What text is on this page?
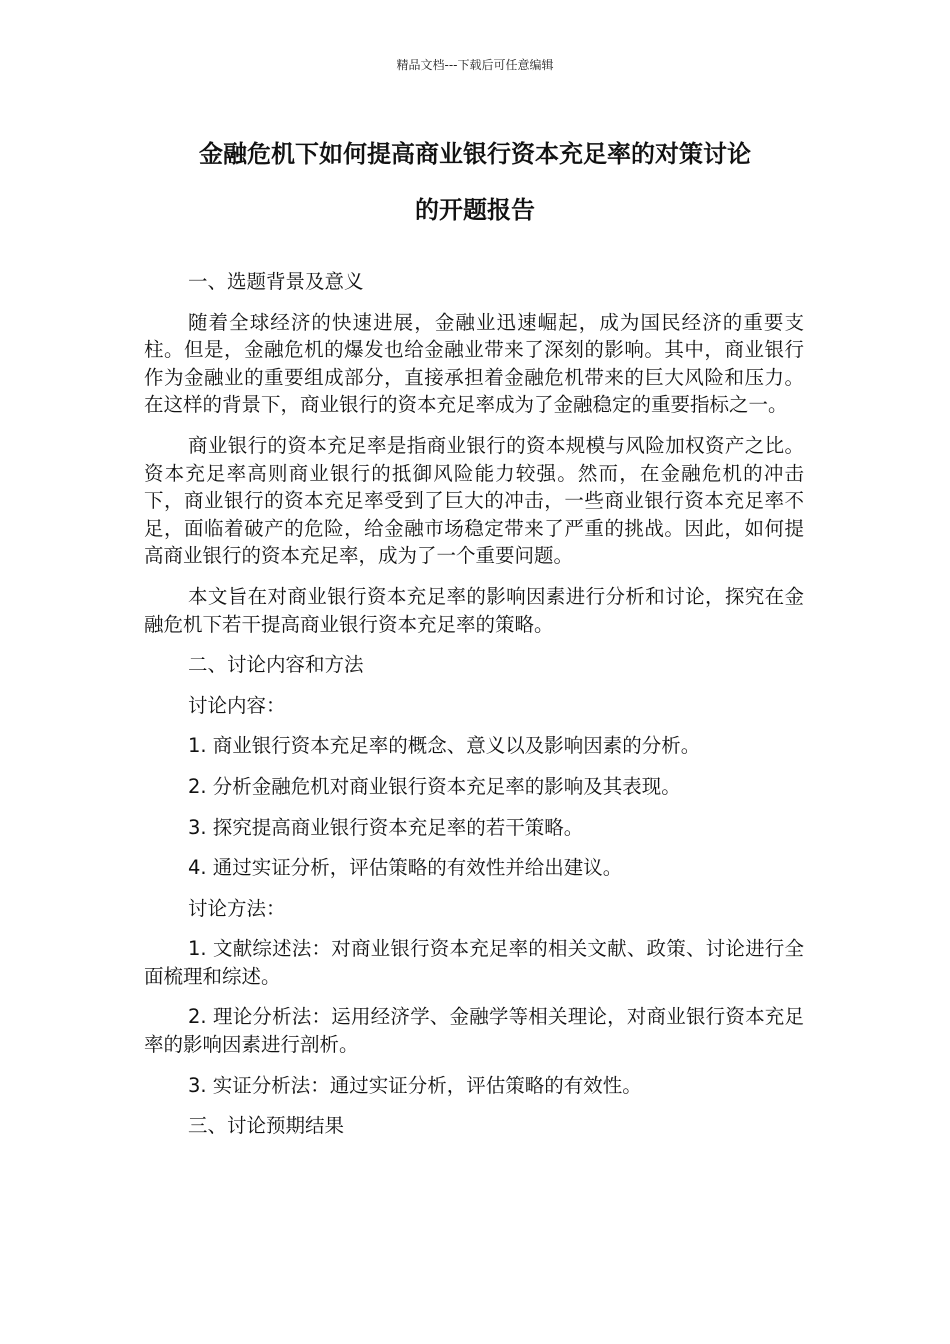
精品文档---下载后可任意编辑
金融危机下如何提高商业银行资本充足率的对策讨论
的开题报告

一、选题背景及意义

随着全球经济的快速进展，金融业迅速崛起，成为国民经济的重要支柱。但是，金融危机的爆发也给金融业带来了深刻的影响。其中，商业银行作为金融业的重要组成部分，直接承担着金融危机带来的巨大风险和压力。在这样的背景下，商业银行的资本充足率成为了金融稳定的重要指标之一。

商业银行的资本充足率是指商业银行的资本规模与风险加权资产之比。资本充足率高则商业银行的抵御风险能力较强。然而，在金融危机的冲击下，商业银行的资本充足率受到了巨大的冲击，一些商业银行资本充足率不足，面临着破产的危险，给金融市场稳定带来了严重的挑战。因此，如何提高商业银行的资本充足率，成为了一个重要问题。

本文旨在对商业银行资本充足率的影响因素进行分析和讨论，探究在金融危机下若干提高商业银行资本充足率的策略。

二、讨论内容和方法

讨论内容：

1. 商业银行资本充足率的概念、意义以及影响因素的分析。

2. 分析金融危机对商业银行资本充足率的影响及其表现。

3. 探究提高商业银行资本充足率的若干策略。

4. 通过实证分析，评估策略的有效性并给出建议。

讨论方法：

1. 文献综述法：对商业银行资本充足率的相关文献、政策、讨论进行全面梳理和综述。

2. 理论分析法：运用经济学、金融学等相关理论，对商业银行资本充足率的影响因素进行剖析。

3. 实证分析法：通过实证分析，评估策略的有效性。

三、讨论预期结果
